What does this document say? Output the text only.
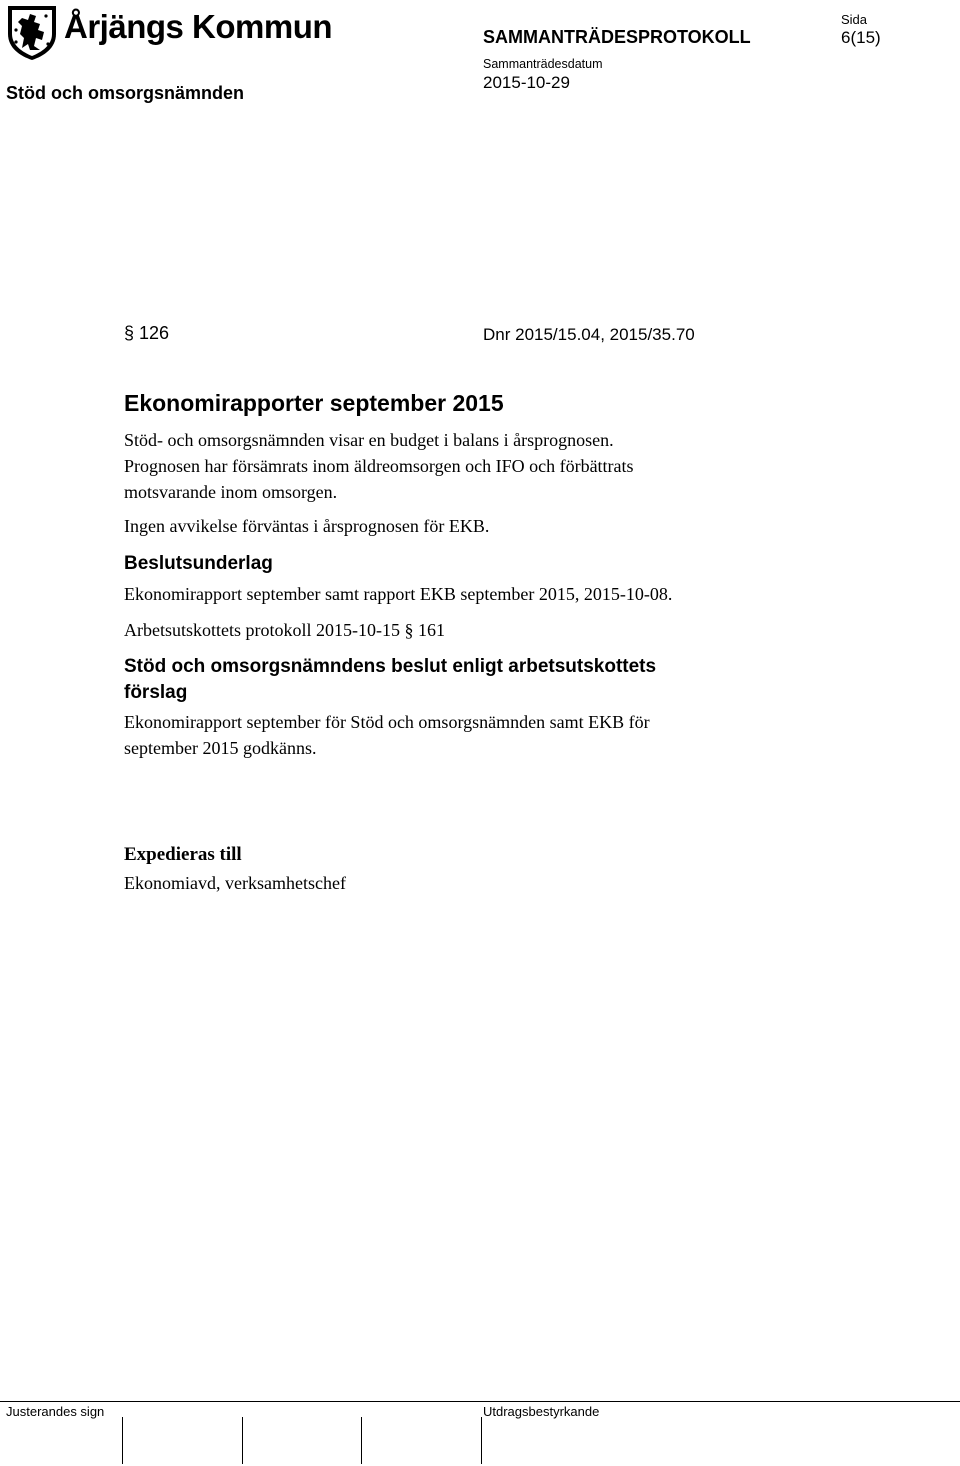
Årjängs Kommun	SAMMANTRÄDESPROTOKOLL
Sida
6(15)
Sammanträdesdatum
2015-10-29
Stöd och omsorgsnämnden
§ 126	Dnr 2015/15.04, 2015/35.70
Ekonomirapporter september 2015
Stöd- och omsorgsnämnden visar en budget i balans i årsprognosen.
Prognosen har försämrats inom äldreomsorgen och IFO och förbättrats
motsvarande inom omsorgen.
Ingen avvikelse förväntas i årsprognosen för EKB.
Beslutsunderlag
Ekonomirapport september samt rapport EKB september 2015, 2015-10-08.
Arbetsutskottets protokoll 2015-10-15 § 161
Stöd och omsorgsnämndens beslut enligt arbetsutskottets
förslag
Ekonomirapport september för Stöd och omsorgsnämnden samt EKB för
september 2015 godkänns.
Expedieras till
Ekonomiavd, verksamhetschef
Justerandes sign	Utdragsbestyrkande
